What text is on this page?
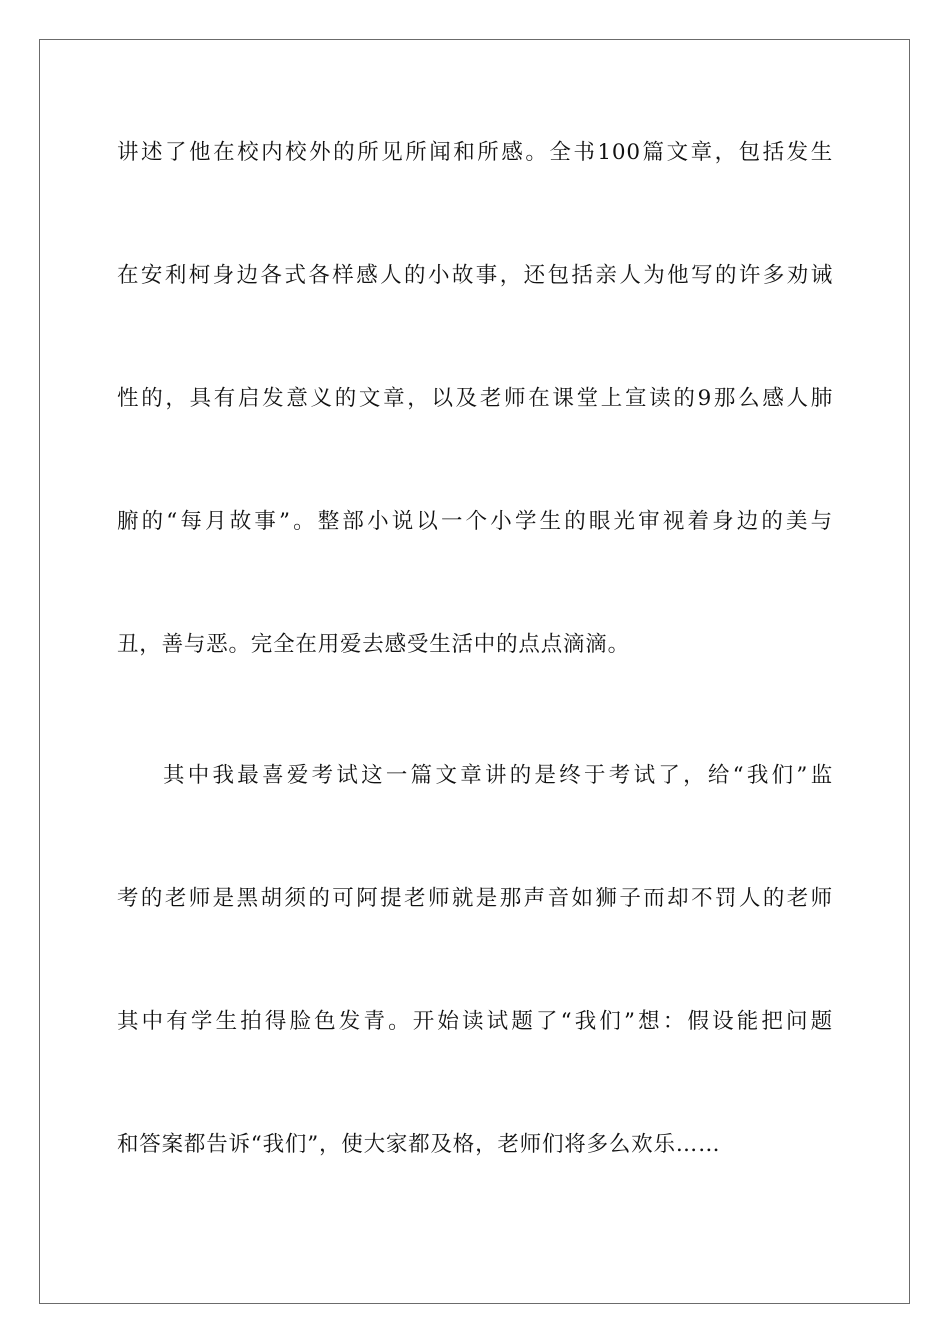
讲述了他在校内校外的所见所闻和所感。全书100篇文章，包括发生
在安利柯身边各式各样感人的小故事，还包括亲人为他写的许多劝诫
性的，具有启发意义的文章，以及老师在课堂上宣读的9那么感人肺
腑的“每月故事”。整部小说以一个小学生的眼光审视着身边的美与
丑，善与恶。完全在用爱去感受生活中的点点滴滴。
其中我最喜爱考试这一篇文章讲的是终于考试了，给“我们”监
考的老师是黑胡须的可阿提老师就是那声音如狮子而却不罚人的老师
其中有学生拍得脸色发青。开始读试题了“我们”想：假设能把问题
和答案都告诉“我们”，使大家都及格，老师们将多么欢乐……
